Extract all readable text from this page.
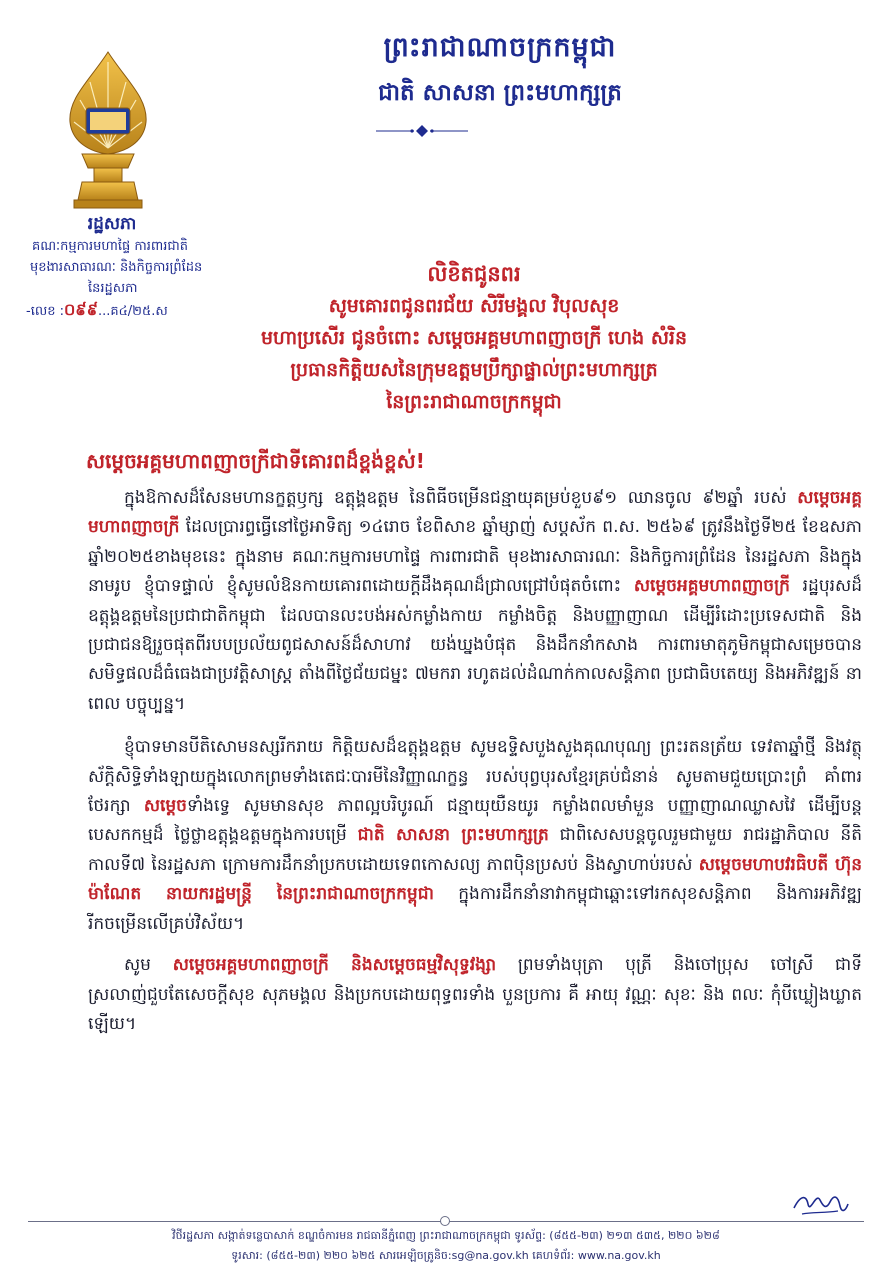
ព្រះរាជាណាចក្រកម្ពុជា
ជាតិ សាសនា ព្រះមហាក្សត្រ
រដ្ឋសភា
គណៈកម្មការមហាផ្ទៃ ការពារជាតិ
មុខងារសាធារណៈ និងកិច្ចការព្រំដែន
នៃរដ្ឋសភា
-លេខ :០៩៩...គ៤/២៥.ស
លិខិតជូនពរ
សូមគោរពជូនពរជ័យ សិរីមង្គល វិបុលសុខ
មហាប្រសើរ ជូនចំពោះ សម្តេចអគ្គមហាពញាចក្រី ហេង សំរិន
ប្រធានកិត្តិយសនៃក្រុមឧត្តមប្រឹក្សាផ្ទាល់ព្រះមហាក្សត្រ
នៃព្រះរាជាណាចក្រកម្ពុជា
សម្តេចអគ្គមហាពញាចក្រីជាទីគោរពដ៏ខ្ពង់ខ្ពស់!

ក្នុងឱកាសដ៏សែនមហានក្ខត្តឫក្ស ឧត្តុង្គឧត្តម នៃពិធីចម្រើនជន្មាយុគម្រប់ខួប៩១ ឈានចូល ៩២ឆ្នាំ របស់ សម្តេចអគ្គមហាពញាចក្រី ដែលប្រារព្ធធ្វើនៅថ្ងៃអាទិត្យ ១៤រោច ខែពិសាខ ឆ្នាំម្សាញ់ សប្តស័ក ព.ស. ២៥៦៩ ត្រូវនឹងថ្ងៃទី២៥ ខែឧសភា ឆ្នាំ២០២៥ខាងមុខនេះ ក្នុងនាម គណៈកម្មការមហាផ្ទៃ ការពារជាតិ មុខងារសាធារណៈ និងកិច្ចការព្រំដែន នៃរដ្ឋសភា និងក្នុងនាមរូប ខ្ញុំបាទផ្ទាល់ ខ្ញុំសូមលំឱនកាយគោរពដោយក្តីដឹងគុណដ៏ជ្រាលជ្រៅបំផុតចំពោះ សម្តេចអគ្គមហាពញាចក្រី រដ្ឋបុរសដ៏ឧត្តុង្គឧត្តមនៃប្រជាជាតិកម្ពុជា ដែលបានលះបង់អស់កម្លាំងកាយ កម្លាំងចិត្ត និងបញ្ញាញាណ ដើម្បីរំដោះប្រទេសជាតិ និងប្រជាជនឱ្យរួចផុតពីរបបប្រល័យពូជសាសន៍ដ៏សាហាវ យង់ឃ្នងបំផុត និងដឹកនាំកសាង ការពារមាតុភូមិកម្ពុជាសម្រេចបានសមិទ្ធផលដ៏ធំធេងជាប្រវត្តិសាស្ត្រ តាំងពីថ្ងៃជ័យជម្នះ ៧មករា រហូតដល់ដំណាក់កាលសន្តិភាព ប្រជាធិបតេយ្យ និងអភិវឌ្ឍន៍ នាពេល បច្ចុប្បន្ន។

ខ្ញុំបាទមានបីតិសោមនស្សរីករាយ កិត្តិយសដ៏ឧត្តុង្គឧត្តម សូមឧទ្ទិសបួងសួងគុណបុណ្យ ព្រះរតនត្រ័យ ទេវតាឆ្នាំថ្មី និងវត្ថុស័ក្តិសិទ្ធិទាំងឡាយក្នុងលោកព្រមទាំងតេជៈបារមីនៃវិញ្ញាណក្ខន្ធ របស់បុព្វបុរសខ្មែរគ្រប់ជំនាន់ សូមតាមជួយប្រោះព្រំ គាំពារ ថែរក្សា សម្តេចទាំងទ្វេ សូមមានសុខ ភាពល្អបរិបូរណ៍ ជន្មាយុយឺនយូរ កម្លាំងពលមាំមួន បញ្ញាញាណឈ្លាសវៃ ដើម្បីបន្តបេសកកម្មដ៏ ថ្លៃថ្លាឧត្តុង្គឧត្តមក្នុងការបម្រើ ជាតិ សាសនា ព្រះមហាក្សត្រ ជាពិសេសបន្តចូលរួមជាមួយ រាជរដ្ឋាភិបាល នីតិកាលទី៧ នៃរដ្ឋសភា ក្រោមការដឹកនាំប្រកបដោយទេពកោសល្យ ភាពប៉ិនប្រសប់ និងស្វាហាប់របស់ សម្តេចមហាបវរធិបតី ហ៊ុន ម៉ាណែត នាយករដ្ឋមន្ត្រី នៃព្រះរាជាណាចក្រកម្ពុជា ក្នុងការដឹកនាំនាវាកម្ពុជាឆ្ពោះទៅរកសុខសន្តិភាព និងការអភិវឌ្ឍរីកចម្រើនលើគ្រប់វិស័យ។

សូម សម្តេចអគ្គមហាពញាចក្រី និងសម្តេចធម្មវិសុទ្ធវង្សា ព្រមទាំងបុត្រា បុត្រី និងចៅប្រុស ចៅស្រី ជាទីស្រលាញ់ជួបតែសេចក្តីសុខ សុភមង្គល និងប្រកបដោយពុទ្ធពរទាំង បួនប្រការ គឺ អាយុ វណ្ណៈ សុខៈ និង ពលៈ កុំបីឃ្លៀងឃ្លាតឡើយ។

វិថីរដ្ឋសភា សង្កាត់ទន្លេបាសាក់ ខណ្ឌចំការមន រាជធានីភ្នំពេញ ព្រះរាជាណាចក្រកម្ពុជា ទូរស័ព្ទ: (៨៥៥-២៣) ២១៣ ៥៣៥, ២២០ ៦២៨
ទូរសារ: (៨៥៥-២៣) ២២០ ៦២៥ សារអេឡិចត្រូនិច:sg@na.gov.kh គេហទំព័រ: www.na.gov.kh
